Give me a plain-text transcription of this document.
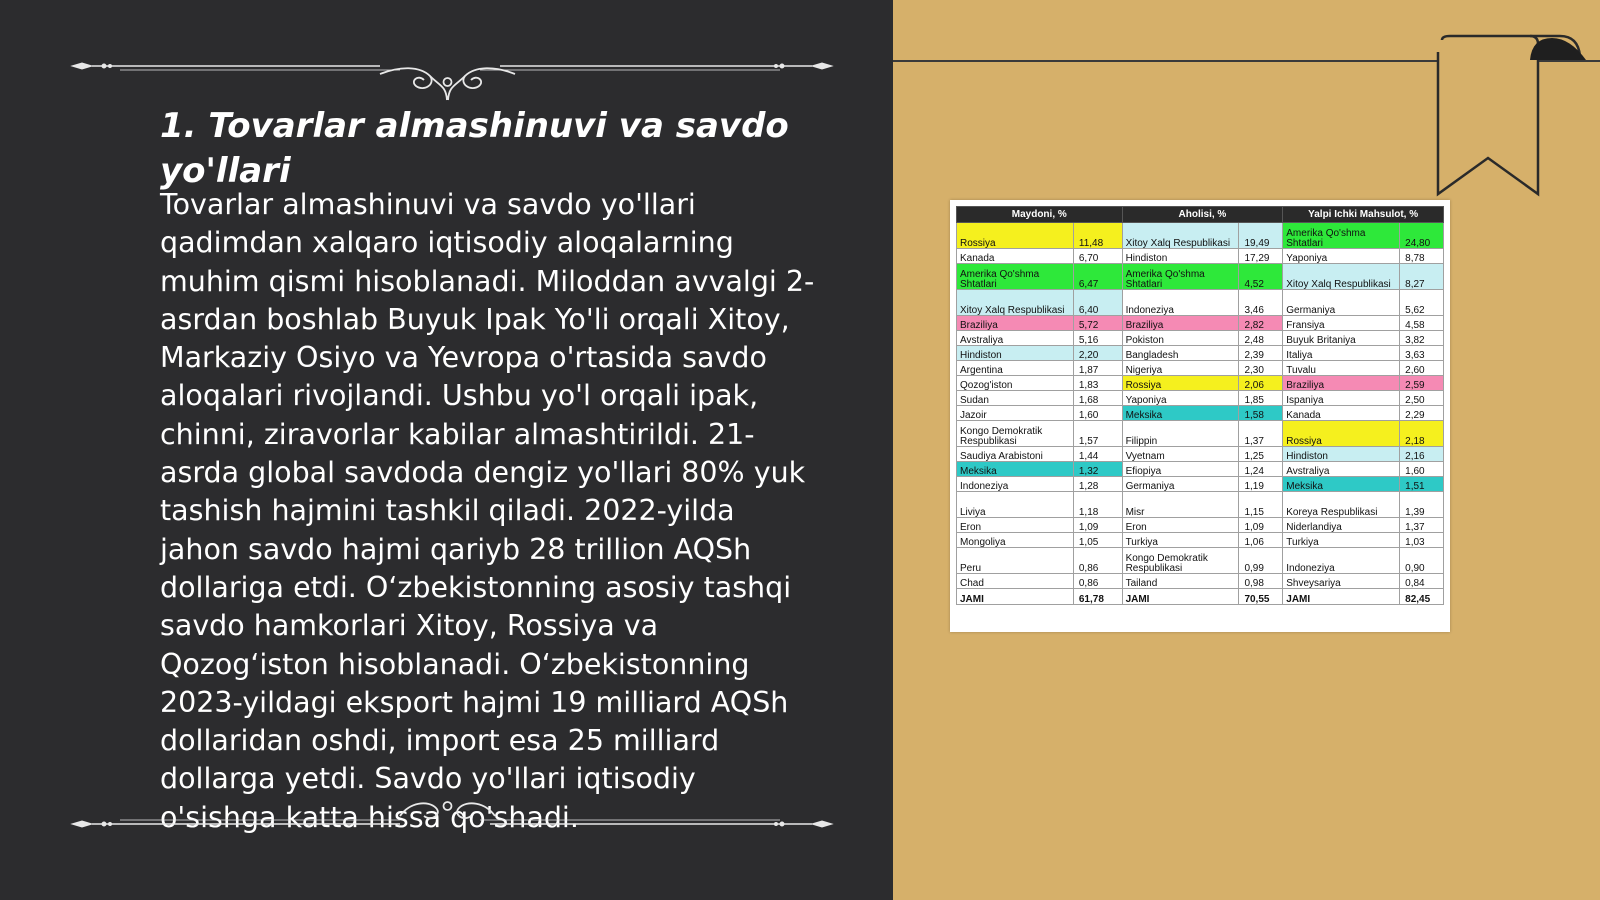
1. Tovarlar almashinuvi va savdo yo'llari

Tovarlar almashinuvi va savdo yo'llari qadimdan xalqaro iqtisodiy aloqalarning muhim qismi hisoblanadi. Miloddan avvalgi 2-asrdan boshlab Buyuk Ipak Yo'li orqali Xitoy, Markaziy Osiyo va Yevropa o'rtasida savdo aloqalari rivojlandi. Ushbu yo'l orqali ipak, chinni, ziravorlar kabilar almashtirildi. 21-asrda global savdoda dengiz yo'llari 80% yuk tashish hajmini tashkil qiladi. 2022-yilda jahon savdo hajmi qariyb 28 trillion AQSh dollariga etdi. O‘zbekistonning asosiy tashqi savdo hamkorlari Xitoy, Rossiya va Qozog‘iston hisoblanadi. O‘zbekistonning 2023-yildagi eksport hajmi 19 milliard AQSh dollaridan oshdi, import esa 25 milliard dollarga yetdi. Savdo yo'llari iqtisodiy o'sishga katta hissa qo'shadi.

Maydoni, %		Aholisi, %		Yalpi Ichki Mahsulot, %	
Rossiya	11,48	Xitoy Xalq Respublikasi	19,49	Amerika Qo'shma Shtatlari	24,80
Kanada	6,70	Hindiston	17,29	Yaponiya	8,78
Amerika Qo'shma Shtatlari	6,47	Amerika Qo'shma Shtatlari	4,52	Xitoy Xalq Respublikasi	8,27
Xitoy Xalq Respublikasi	6,40	Indoneziya	3,46	Germaniya	5,62
Braziliya	5,72	Braziliya	2,82	Fransiya	4,58
Avstraliya	5,16	Pokiston	2,48	Buyuk Britaniya	3,82
Hindiston	2,20	Bangladesh	2,39	Italiya	3,63
Argentina	1,87	Nigeriya	2,30	Tuvalu	2,60
Qozog'iston	1,83	Rossiya	2,06	Braziliya	2,59
Sudan	1,68	Yaponiya	1,85	Ispaniya	2,50
Jazoir	1,60	Meksika	1,58	Kanada	2,29
Kongo Demokratik Respublikasi	1,57	Filippin	1,37	Rossiya	2,18
Saudiya Arabistoni	1,44	Vyetnam	1,25	Hindiston	2,16
Meksika	1,32	Efiopiya	1,24	Avstraliya	1,60
Indoneziya	1,28	Germaniya	1,19	Meksika	1,51
Liviya	1,18	Misr	1,15	Koreya Respublikasi	1,39
Eron	1,09	Eron	1,09	Niderlandiya	1,37
Mongoliya	1,05	Turkiya	1,06	Turkiya	1,03
Peru	0,86	Kongo Demokratik Respublikasi	0,99	Indoneziya	0,90
Chad	0,86	Tailand	0,98	Shveysariya	0,84
JAMI	61,78	JAMI	70,55	JAMI	82,45
